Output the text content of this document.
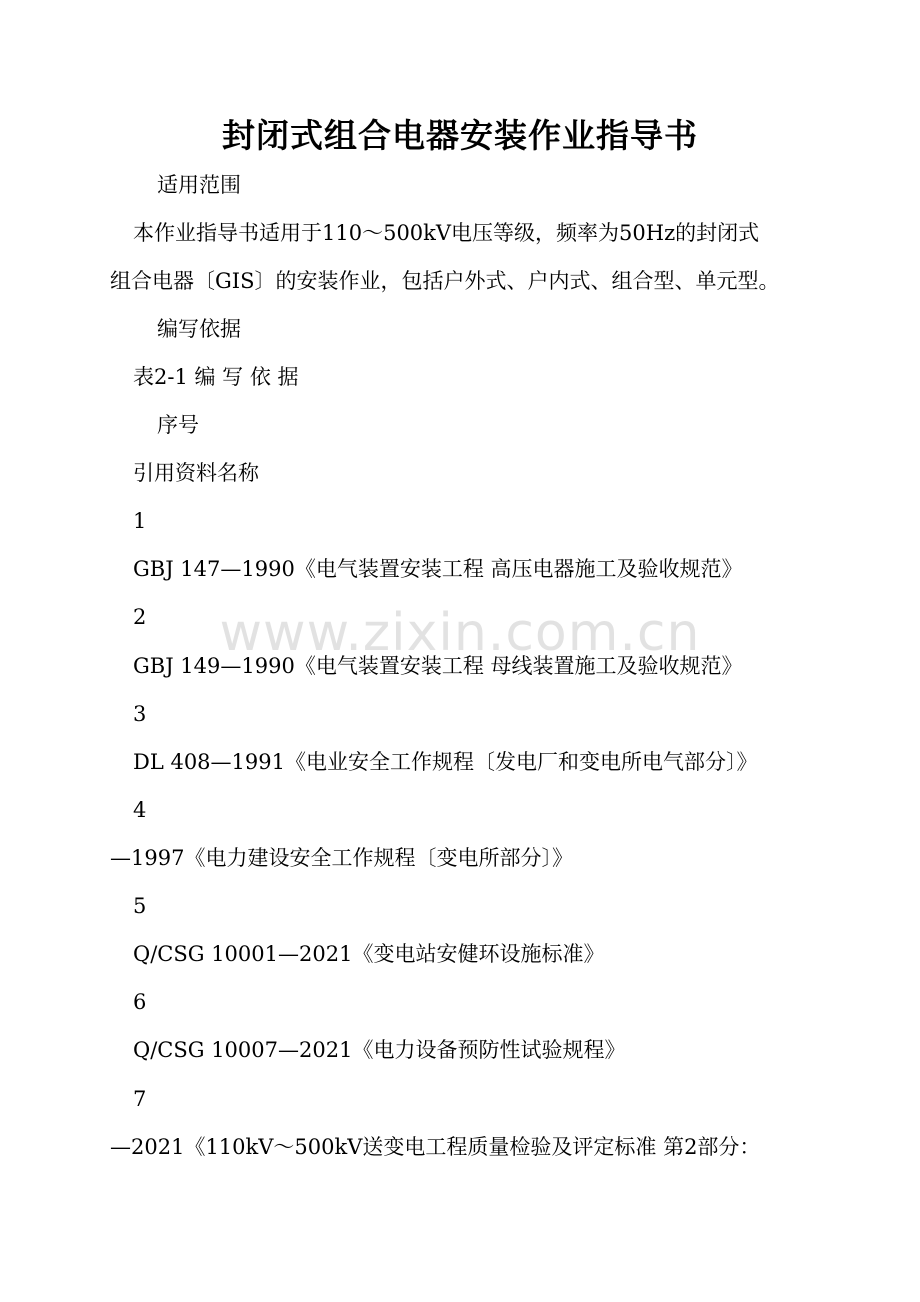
封闭式组合电器安装作业指导书
适用范围
本作业指导书适用于110～500kV电压等级，频率为50Hz的封闭式
组合电器〔GIS〕的安装作业，包括户外式、户内式、组合型、单元型。
编写依据
表2-1 编 写 依 据
序号
引用资料名称
1
GBJ 147—1990《电气装置安装工程 高压电器施工及验收规范》
2
GBJ 149—1990《电气装置安装工程 母线装置施工及验收规范》
3
DL 408—1991《电业安全工作规程〔发电厂和变电所电气部分〕》
4
—1997《电力建设安全工作规程〔变电所部分〕》
5
Q/CSG 10001—2021《变电站安健环设施标准》
6
Q/CSG 10007—2021《电力设备预防性试验规程》
7
—2021《110kV～500kV送变电工程质量检验及评定标准 第2部分：
www.zixin.com.cn
